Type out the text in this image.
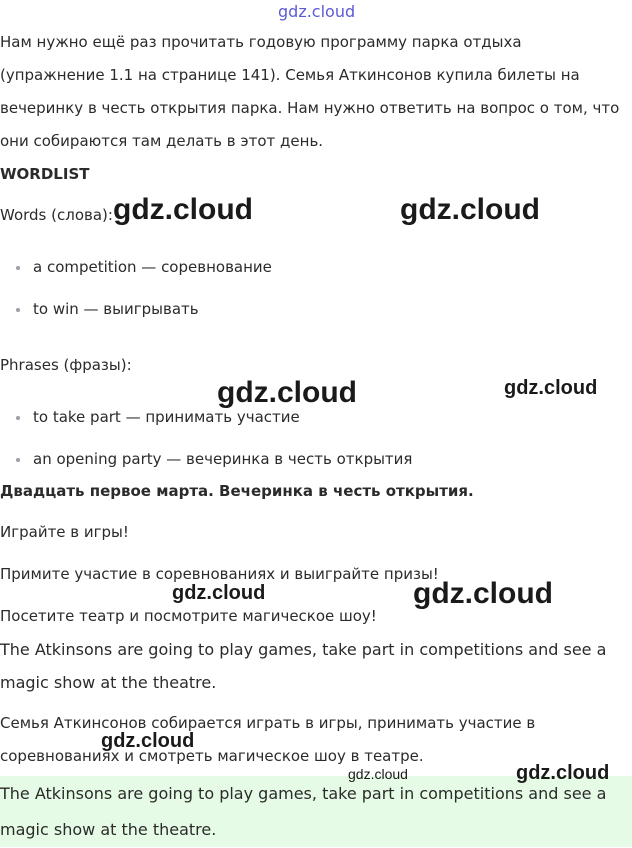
Нам нужно ещё раз прочитать годовую программу парка отдыха (упражнение 1.1 на странице 141). Семья Аткинсонов купила билеты на вечеринку в честь открытия парка. Нам нужно ответить на вопрос о том, что они собираются там делать в этот день.
WORDLIST
Words (слова):
a competition — соревнование
to win — выигрывать
Phrases (фразы):
to take part — принимать участие
an opening party — вечеринка в честь открытия
Двадцать первое марта. Вечеринка в честь открытия.
Играйте в игры!
Примите участие в соревнованиях и выиграйте призы!
Посетите театр и посмотрите магическое шоу!
The Atkinsons are going to play games, take part in competitions and see a magic show at the theatre.
Семья Аткинсонов собирается играть в игры, принимать участие в соревнованиях и смотреть магическое шоу в театре.
The Atkinsons are going to play games, take part in competitions and see a magic show at the theatre.
gdz.cloud
gdz.cloud	gdz.cloud
gdz.cloud	gdz.cloud
gdz.cloud	gdz.cloud
gdz.cloud
gdz.cloud	gdz.cloud
